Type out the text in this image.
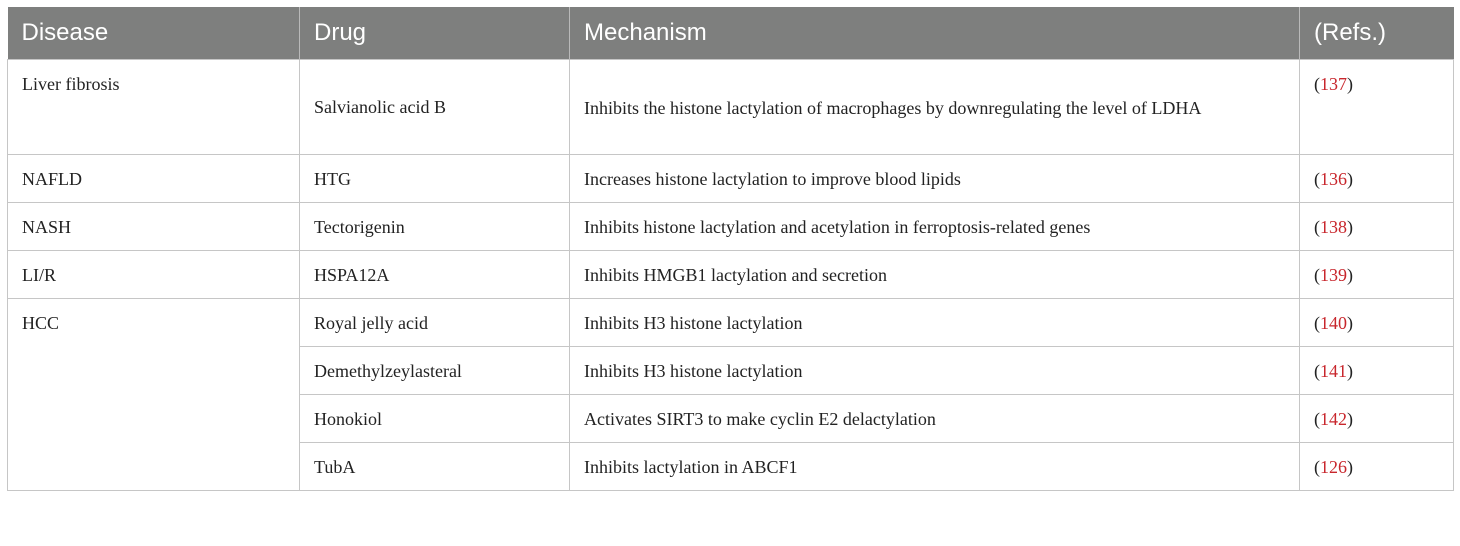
Disease	Drug	Mechanism	(Refs.)
Liver fibrosis	Salvianolic acid B	Inhibits the histone lactylation of macrophages by downregulating the level of LDHA	(137)
NAFLD	HTG	Increases histone lactylation to improve blood lipids	(136)
NASH	Tectorigenin	Inhibits histone lactylation and acetylation in ferroptosis-related genes	(138)
LI/R	HSPA12A	Inhibits HMGB1 lactylation and secretion	(139)
HCC	Royal jelly acid	Inhibits H3 histone lactylation	(140)
	Demethylzeylasteral	Inhibits H3 histone lactylation	(141)
	Honokiol	Activates SIRT3 to make cyclin E2 delactylation	(142)
	TubA	Inhibits lactylation in ABCF1	(126)
